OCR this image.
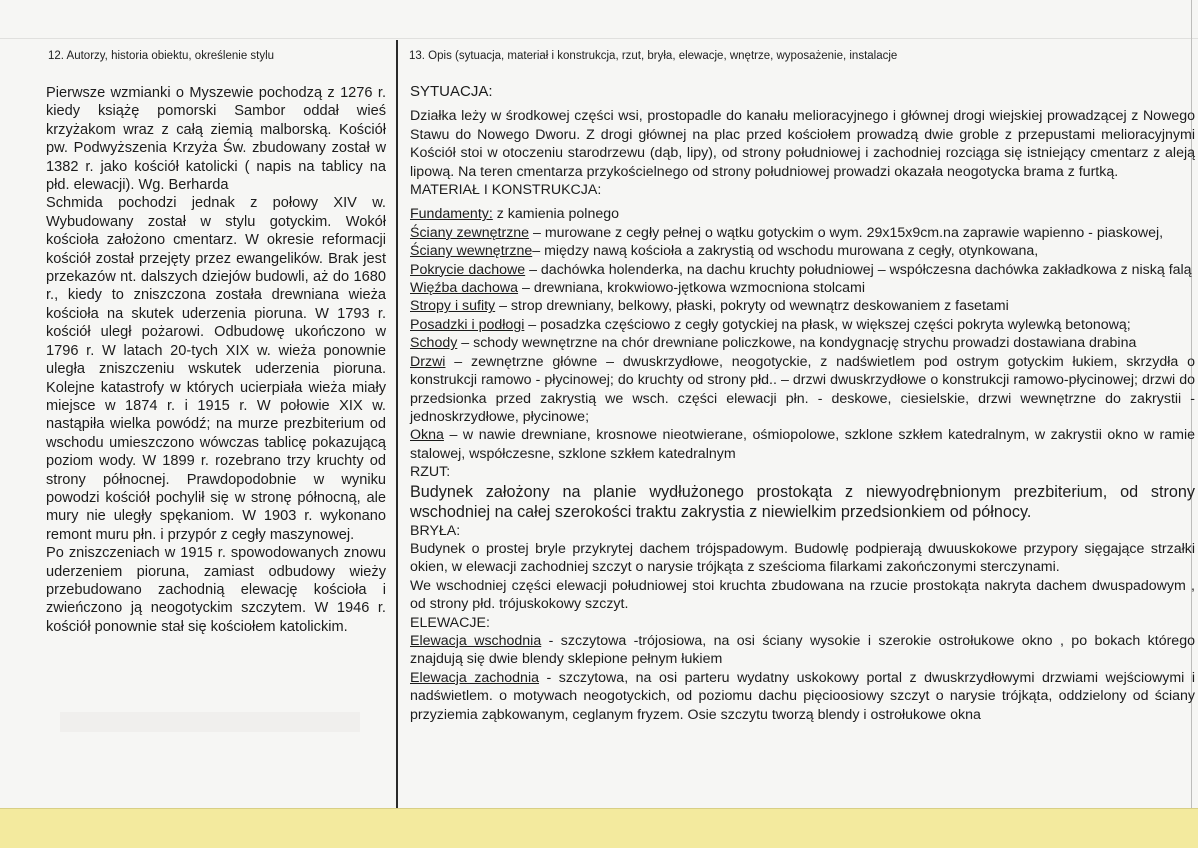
12. Autorzy, historia obiektu, określenie stylu	13. Opis (sytuacja, materiał i konstrukcja, rzut, bryła, elewacje, wnętrze, wyposażenie, instalacje

Pierwsze wzmianki o Myszewie pochodzą z 1276 r. kiedy książę pomorski Sambor oddał wieś krzyżakom wraz z całą ziemią malborską. Kościół pw. Podwyższenia Krzyża Św. zbudowany został w 1382 r. jako kościół katolicki ( napis na tablicy na płd. elewacji). Wg. Berharda

Schmida pochodzi jednak z połowy XIV w. Wybudowany został w stylu gotyckim. Wokół kościoła założono cmentarz. W okresie reformacji kościół został przejęty przez ewangelików. Brak jest przekazów nt. dalszych dziejów budowli, aż do 1680 r., kiedy to zniszczona została drewniana wieża kościoła na skutek uderzenia pioruna. W 1793 r. kościół uległ pożarowi. Odbudowę ukończono w 1796 r. W latach 20-tych XIX w. wieża ponownie uległa zniszczeniu wskutek uderzenia pioruna. Kolejne katastrofy w których ucierpiała wieża miały miejsce w 1874 r. i 1915 r. W połowie XIX w. nastąpiła wielka powódź; na murze prezbiterium od wschodu umieszczono wówczas tablicę pokazującą poziom wody. W 1899 r. rozebrano trzy kruchty od strony północnej. Prawdopodobnie w wyniku powodzi kościół pochylił się w stronę północną, ale mury nie uległy spękaniom. W 1903 r. wykonano remont muru płn. i przypór z cegły maszynowej.

Po zniszczeniach w 1915 r. spowodowanych znowu uderzeniem pioruna, zamiast odbudowy wieży przebudowano zachodnią elewację kościoła i zwieńczono ją neogotyckim szczytem. W 1946 r. kościół ponownie stał się kościołem katolickim.

SYTUACJA:

Działka leży w środkowej części wsi, prostopadle do kanału melioracyjnego i głównej drogi wiejskiej prowadzącej z Nowego Stawu do Nowego Dworu. Z drogi głównej na plac przed kościołem prowadzą dwie groble z przepustami melioracyjnymi Kościół stoi w otoczeniu starodrzewu (dąb, lipy), od strony południowej i zachodniej rozciąga się istniejący cmentarz z aleją lipową. Na teren cmentarza przykościelnego od strony południowej prowadzi okazała neogotycka brama z furtką.

MATERIAŁ I KONSTRUKCJA:

Fundamenty: z kamienia polnego

Ściany zewnętrzne – murowane z cegły pełnej o wątku gotyckim o wym. 29x15x9cm.na zaprawie wapienno - piaskowej,

Ściany wewnętrzne– między nawą kościoła a zakrystią od wschodu murowana z cegły, otynkowana,

Pokrycie dachowe – dachówka holenderka, na dachu kruchty południowej – współczesna dachówka zakładkowa z niską falą

Więźba dachowa – drewniana, krokwiowo-jętkowa wzmocniona stolcami

Stropy i sufity – strop drewniany, belkowy, płaski, pokryty od wewnątrz deskowaniem z fasetami

Posadzki i podłogi – posadzka częściowo z cegły gotyckiej na płask, w większej części pokryta wylewką betonową;

Schody – schody wewnętrzne na chór drewniane policzkowe, na kondygnację strychu prowadzi dostawiana drabina

Drzwi – zewnętrzne główne – dwuskrzydłowe, neogotyckie, z nadświetlem pod ostrym gotyckim łukiem, skrzydła o konstrukcji ramowo - płycinowej; do kruchty od strony płd.. – drzwi dwuskrzydłowe o konstrukcji ramowo-płycinowej; drzwi do przedsionka przed zakrystią we wsch. części elewacji płn. - deskowe, ciesielskie, drzwi wewnętrzne do zakrystii - jednoskrzydłowe, płycinowe;

Okna – w nawie drewniane, krosnowe nieotwierane, ośmiopolowe, szklone szkłem katedralnym, w zakrystii okno w ramie stalowej, współczesne, szklone szkłem katedralnym

RZUT:

Budynek założony na planie wydłużonego prostokąta z niewyodrębnionym prezbiterium, od strony wschodniej na całej szerokości traktu zakrystia z niewielkim przedsionkiem od północy.

BRYŁA:

Budynek o prostej bryle przykrytej dachem trójspadowym. Budowlę podpierają dwuuskokowe przypory sięgające strzałki okien, w elewacji zachodniej szczyt o narysie trójkąta z sześcioma filarkami zakończonymi sterczynami.

We wschodniej części elewacji południowej stoi kruchta zbudowana na rzucie prostokąta nakryta dachem dwuspadowym , od strony płd. trójuskokowy szczyt.

ELEWACJE:

Elewacja wschodnia - szczytowa -trójosiowa, na osi ściany wysokie i szerokie ostrołukowe okno , po bokach którego znajdują się dwie blendy sklepione pełnym łukiem

Elewacja zachodnia - szczytowa, na osi parteru wydatny uskokowy portal z dwuskrzydłowymi drzwiami wejściowymi i nadświetlem. o motywach neogotyckich, od poziomu dachu pięcioosiowy szczyt o narysie trójkąta, oddzielony od ściany przyziemia ząbkowanym, ceglanym fryzem. Osie szczytu tworzą blendy i ostrołukowe okna
